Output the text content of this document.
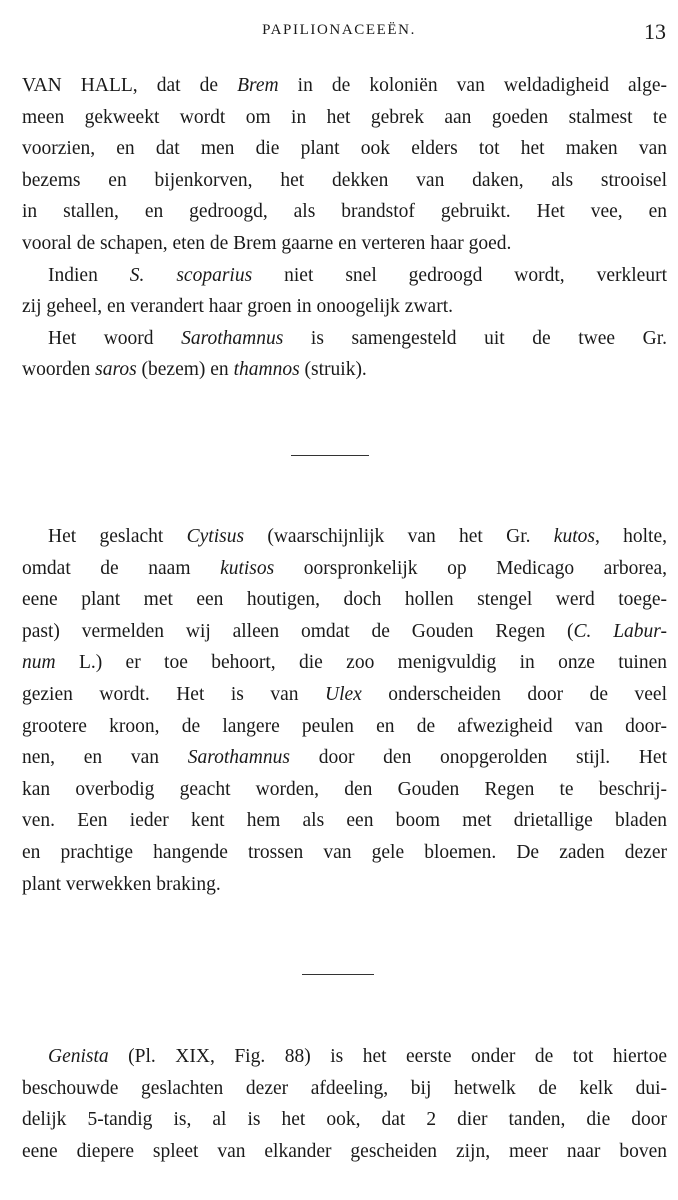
PAPILIONACEEËN.	13
VAN HALL, dat de Brem in de koloniën van weldadigheid alge-
meen gekweekt wordt om in het gebrek aan goeden stalmest te
voorzien, en dat men die plant ook elders tot het maken van
bezems en bijenkorven, het dekken van daken, als strooisel
in stallen, en gedroogd, als brandstof gebruikt. Het vee, en
vooral de schapen, eten de Brem gaarne en verteren haar goed.
Indien S. scoparius niet snel gedroogd wordt, verkleurt
zij geheel, en verandert haar groen in onoogelijk zwart.
Het woord Sarothamnus is samengesteld uit de twee Gr.
woorden saros (bezem) en thamnos (struik).
Het geslacht Cytisus (waarschijnlijk van het Gr. kutos, holte,
omdat de naam kutisos oorspronkelijk op Medicago arborea,
eene plant met een houtigen, doch hollen stengel werd toege-
past) vermelden wij alleen omdat de Gouden Regen (C. Labur-
num L.) er toe behoort, die zoo menigvuldig in onze tuinen
gezien wordt. Het is van Ulex onderscheiden door de veel
grootere kroon, de langere peulen en de afwezigheid van door-
nen, en van Sarothamnus door den onopgerolden stijl. Het
kan overbodig geacht worden, den Gouden Regen te beschrij-
ven. Een ieder kent hem als een boom met drietallige bladen
en prachtige hangende trossen van gele bloemen. De zaden dezer
plant verwekken braking.
Genista (Pl. XIX, Fig. 88) is het eerste onder de tot hiertoe
beschouwde geslachten dezer afdeeling, bij hetwelk de kelk dui-
delijk 5-tandig is, al is het ook, dat 2 dier tanden, die door
eene diepere spleet van elkander gescheiden zijn, meer naar boven
